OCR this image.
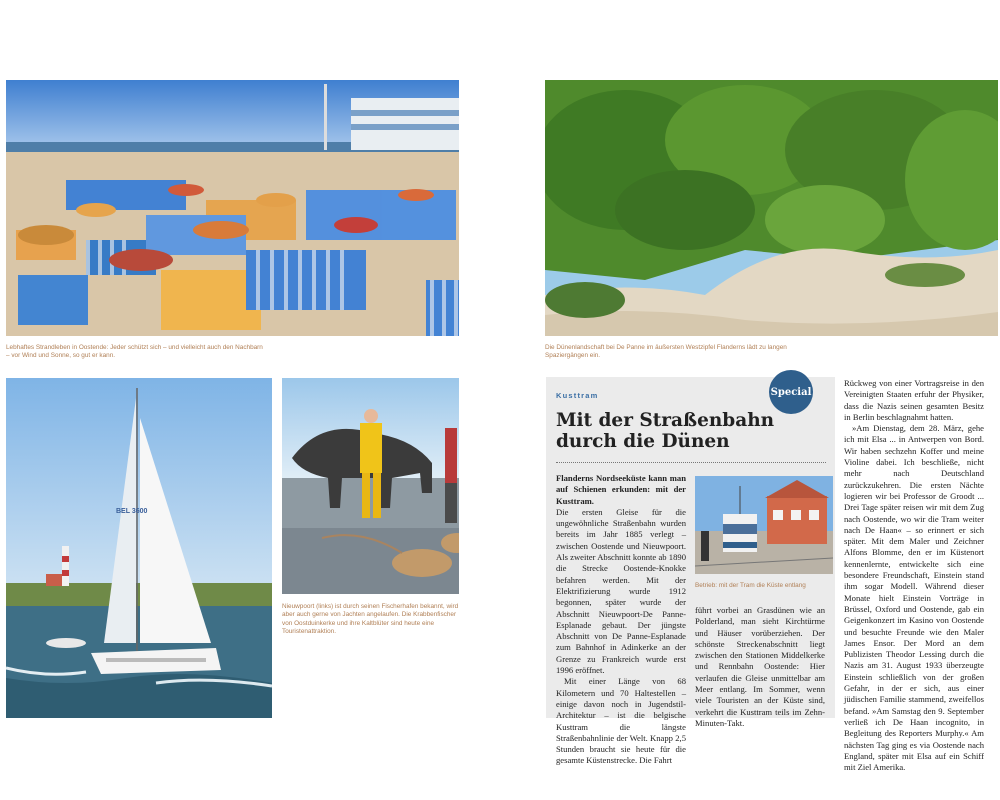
Lebhaftes Strandleben in Oostende: Jeder schützt sich – und vielleicht auch den Nachbarn – vor Wind und Sonne, so gut er kann.
BEL 3600
Nieuwpoort (links) ist durch seinen Fischerhafen bekannt, wird aber auch gerne von Jachten angelaufen. Die Krabbenfischer von Oostduinkerke und ihre Kaltblüter sind heute eine Touristenattraktion.
Die Dünenlandschaft bei De Panne im äußersten Westzipfel Flanderns lädt zu langen Spaziergängen ein.
Special
Kusttram
Mit der Straßenbahn durch die Dünen

Flanderns Nordseeküste kann man auf Schienen erkunden: mit der Kusttram.

Die ersten Gleise für die ungewöhnliche Straßenbahn wurden bereits im Jahr 1885 verlegt – zwischen Oostende und Nieuwpoort. Als zweiter Abschnitt konnte ab 1890 die Strecke Oostende-Knokke befahren werden. Mit der Elektrifizierung wurde 1912 begonnen, später wurde der Abschnitt Nieuwpoort-De Panne-Esplanade gebaut. Der jüngste Abschnitt von De Panne-Esplanade zum Bahnhof in Adinkerke an der Grenze zu Frankreich wurde erst 1996 eröffnet.

Mit einer Länge von 68 Kilometern und 70 Haltestellen – einige davon noch in Jugendstil-Architektur – ist die belgische Kusttram die längste Straßenbahnlinie der Welt. Knapp 2,5 Stunden braucht sie heute für die gesamte Küstenstrecke. Die Fahrt

Betrieb: mit der Tram die Küste entlang

führt vorbei an Grasdünen wie an Polderland, man sieht Kirchtürme und Häuser vorüberziehen. Der schönste Streckenabschnitt liegt zwischen den Stationen Middelkerke und Rennbahn Oostende: Hier verlaufen die Gleise unmittelbar am Meer entlang. Im Sommer, wenn viele Touristen an der Küste sind, verkehrt die Kusttram teils im Zehn-Minuten-Takt.

Rückweg von einer Vortragsreise in den Vereinigten Staaten erfuhr der Physiker, dass die Nazis seinen gesamten Besitz in Berlin beschlagnahmt hatten.

»Am Dienstag, dem 28. März, gehe ich mit Elsa ... in Antwerpen von Bord. Wir haben sechzehn Koffer und meine Violine dabei. Ich beschließe, nicht mehr nach Deutschland zurückzukehren. Die ersten Nächte logieren wir bei Professor de Groodt ... Drei Tage später reisen wir mit dem Zug nach Oostende, wo wir die Tram weiter nach De Haan« – so erinnert er sich später. Mit dem Maler und Zeichner Alfons Blomme, den er im Küstenort kennenlernte, entwickelte sich eine besondere Freundschaft, Einstein stand ihm sogar Modell. Während dieser Monate hielt Einstein Vorträge in Brüssel, Oxford und Oostende, gab ein Geigenkonzert im Kasino von Oostende und besuchte Freunde wie den Maler James Ensor. Der Mord an dem Publizisten Theodor Lessing durch die Nazis am 31. August 1933 überzeugte Einstein schließlich von der großen Gefahr, in der er sich, aus einer jüdischen Familie stammend, zweifellos befand. »Am Samstag den 9. September verließ ich De Haan incognito, in Begleitung des Reporters Murphy.« Am nächsten Tag ging es via Oostende nach England, später mit Elsa auf ein Schiff mit Ziel Amerika.
